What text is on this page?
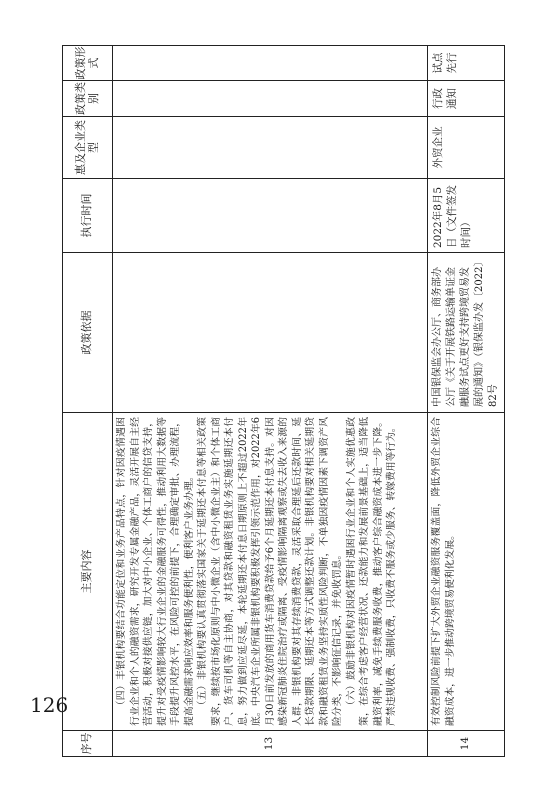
126
序号	主要内容	政策依据	执行时间	惠及企业类型	政策类别	政策形式
13	（四）丰银机构要结合功能定位和业务产品特点，针对因疫情遇困行业企业和个人的融资需求，研究开发专属金融产品，灵活开展自主经营活动，积极对接供应链，加大对中小企业、个体工商户的信贷支持，提升对受疫情影响较大行业企业的金融服务可得性，推动利用大数据等手段提升风控水平，在风险可控的前提下，合理确定审批、办理流程，提高金融需求响应效率和服务便利性，便利客户业务办理。 （五）非银机构要认真贯彻落实国家关于延期还本付息等相关政策要求，继续按市场化原则与中小微企业（含中小微企业主）和个体工商户、货车司机等自主协商，对其贷款和融资租赁业务实施延期还本付息，努力做到应延尽延，本轮延期还本付息日期原则上不超过2022年底。中央汽车企业所属非银机构要积极发挥引领示范作用，对2022年6月30日前发放的商用货车消费贷款给予6个月延期还本付息支持。对因感染新冠肺炎住院治疗或隔离、受疫情影响隔离观察或失去收入来源的人群，非银机构要对其存续消费贷款，灵活采取合理延后还款时间、延长贷款期限、延期还本等方式调整还款计划。非银机构要对相关延期贷款和融资租赁业务坚持实质性风险判断，不单独因疫情因素下调资产风险分类，不影响征信记录，并免收罚息。 （六）鼓励非银机构对因疫情暂时遇困行业企业和个人实施优惠政策，在综合考虑客户经营状况、还款能力和发展前景基础上，适当降低融资利率，减免手续费服务收费，推动客户综合融资成本进一步下降。严禁违规收费、强制收费，只收费不服务或少服务、转嫁费用等行为。					

14	有效控制风险前提下扩大外贸企业融资服务覆盖面，降低外贸企业综合融资成本，进一步推动跨境贸易便利化发展。	中国银保监会办公厅、商务部办公厅《关于开展铁路运输单证金融服务试点更好支持跨境贸易发展的通知》（银保监办发〔2022〕82号	2022年8月5日（文件签发时间）	外贸企业	行政通知	试点先行
